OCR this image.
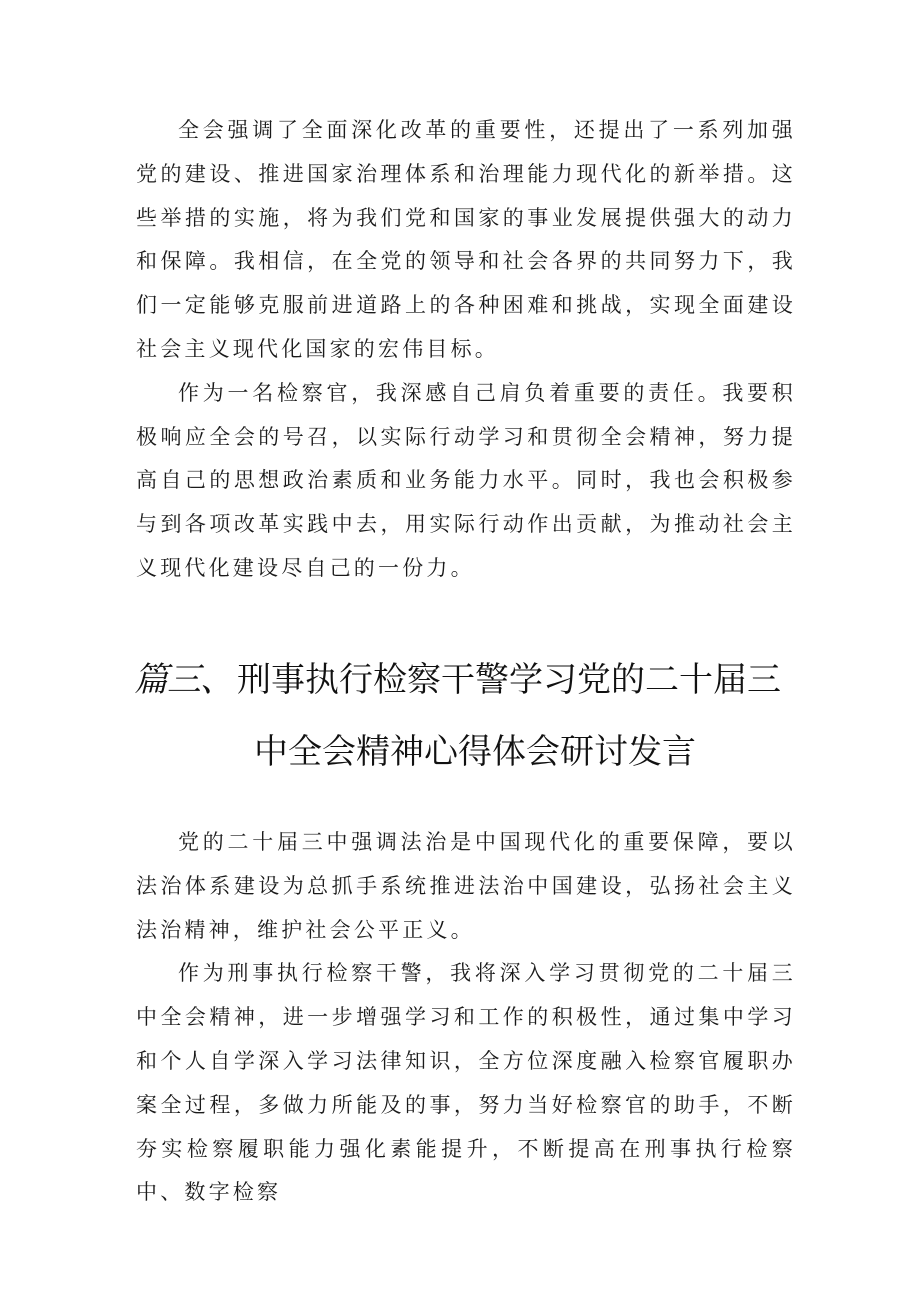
全会强调了全面深化改革的重要性，还提出了一系列加强党的建设、推进国家治理体系和治理能力现代化的新举措。这些举措的实施，将为我们党和国家的事业发展提供强大的动力和保障。我相信，在全党的领导和社会各界的共同努力下，我们一定能够克服前进道路上的各种困难和挑战，实现全面建设社会主义现代化国家的宏伟目标。

作为一名检察官，我深感自己肩负着重要的责任。我要积极响应全会的号召，以实际行动学习和贯彻全会精神，努力提高自己的思想政治素质和业务能力水平。同时，我也会积极参与到各项改革实践中去，用实际行动作出贡献，为推动社会主义现代化建设尽自己的一份力。

篇三、 刑事执行检察干警学习党的二十届三
中全会精神心得体会研讨发言

党的二十届三中强调法治是中国现代化的重要保障，要以法治体系建设为总抓手系统推进法治中国建设，弘扬社会主义法治精神，维护社会公平正义。

作为刑事执行检察干警，我将深入学习贯彻党的二十届三中全会精神，进一步增强学习和工作的积极性，通过集中学习和个人自学深入学习法律知识，全方位深度融入检察官履职办案全过程，多做力所能及的事，努力当好检察官的助手，不断夯实检察履职能力强化素能提升，不断提高在刑事执行检察中、数字检察
